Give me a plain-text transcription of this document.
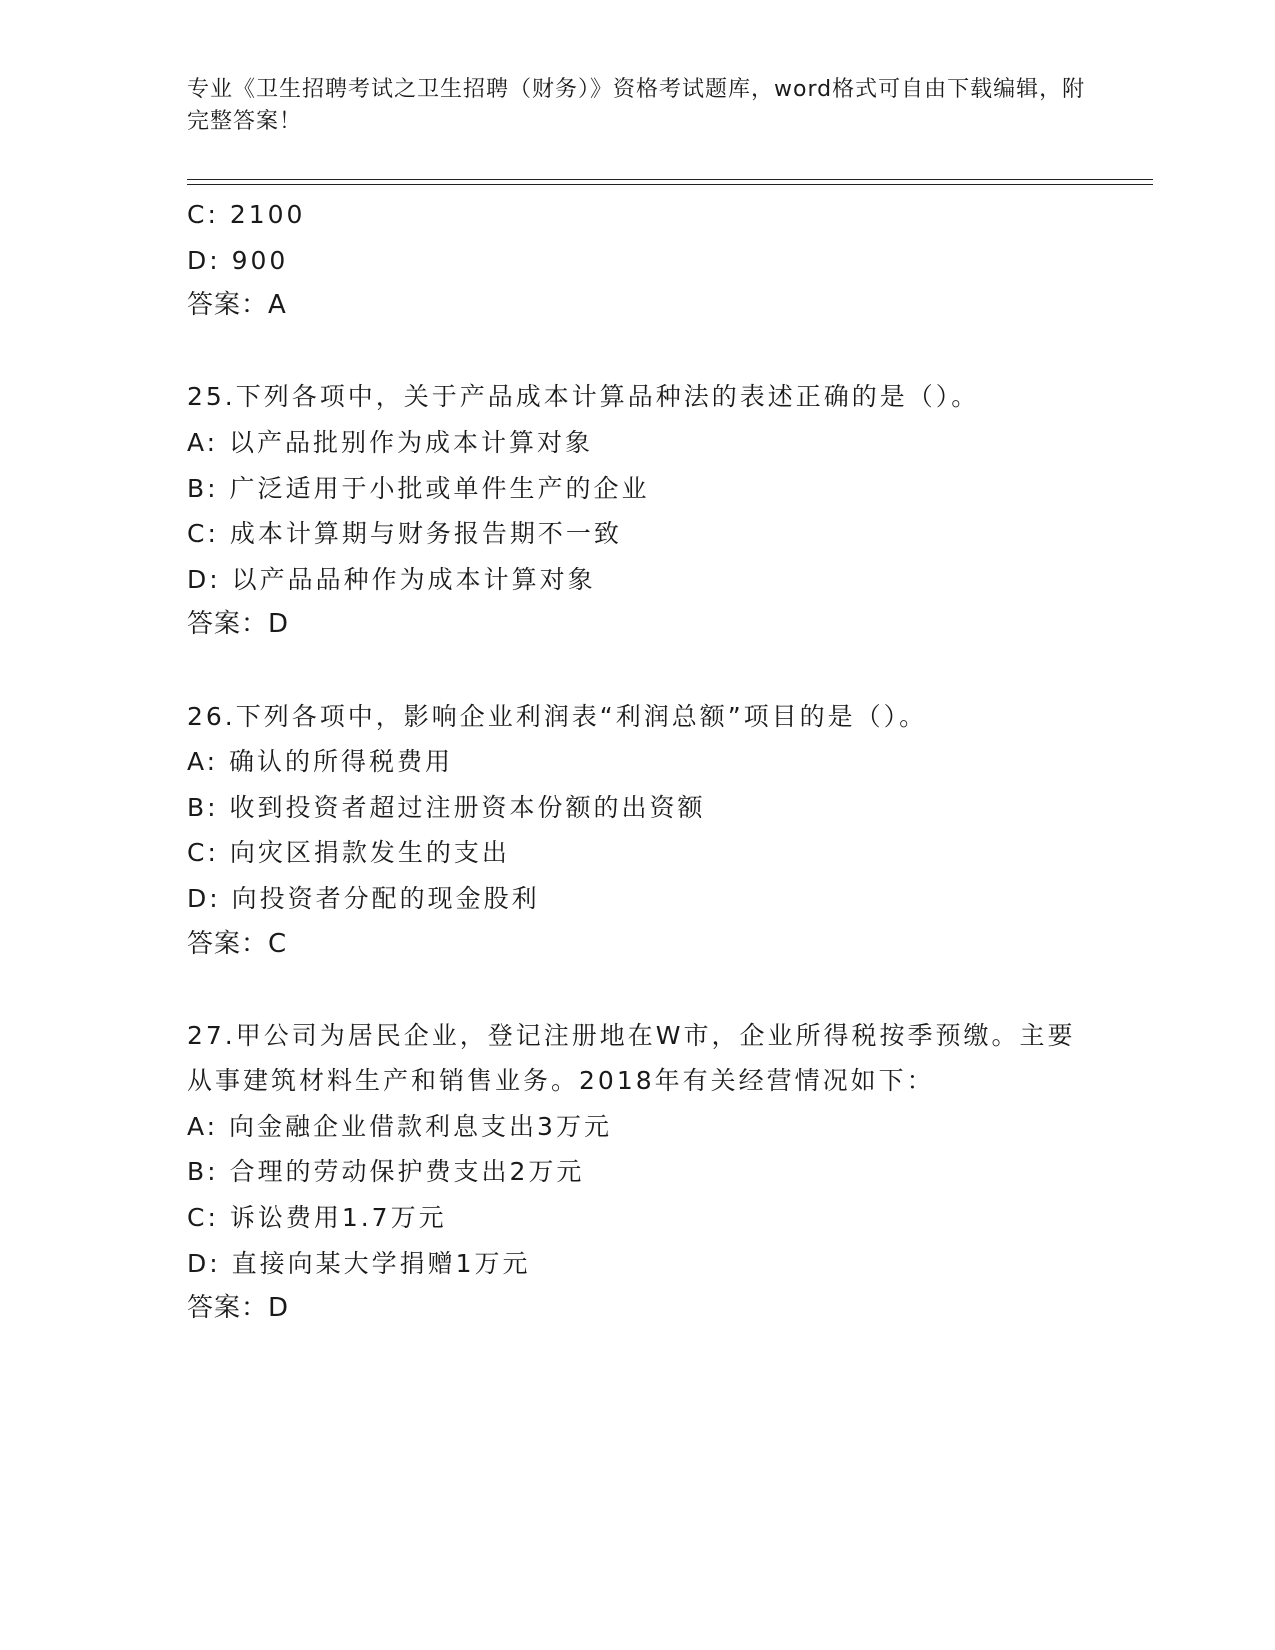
专业《卫生招聘考试之卫生招聘（财务）》资格考试题库，word格式可自由下载编辑，附完整答案！
C: 2100
D: 900
答案：A
25.下列各项中，关于产品成本计算品种法的表述正确的是（）。
A: 以产品批别作为成本计算对象
B: 广泛适用于小批或单件生产的企业
C: 成本计算期与财务报告期不一致
D: 以产品品种作为成本计算对象
答案：D
26.下列各项中，影响企业利润表“利润总额”项目的是（）。
A: 确认的所得税费用
B: 收到投资者超过注册资本份额的出资额
C: 向灾区捐款发生的支出
D: 向投资者分配的现金股利
答案：C
27.甲公司为居民企业，登记注册地在W市，企业所得税按季预缴。主要从事建筑材料生产和销售业务。2018年有关经营情况如下：
A: 向金融企业借款利息支出3万元
B: 合理的劳动保护费支出2万元
C: 诉讼费用1.7万元
D: 直接向某大学捐赠1万元
答案：D
